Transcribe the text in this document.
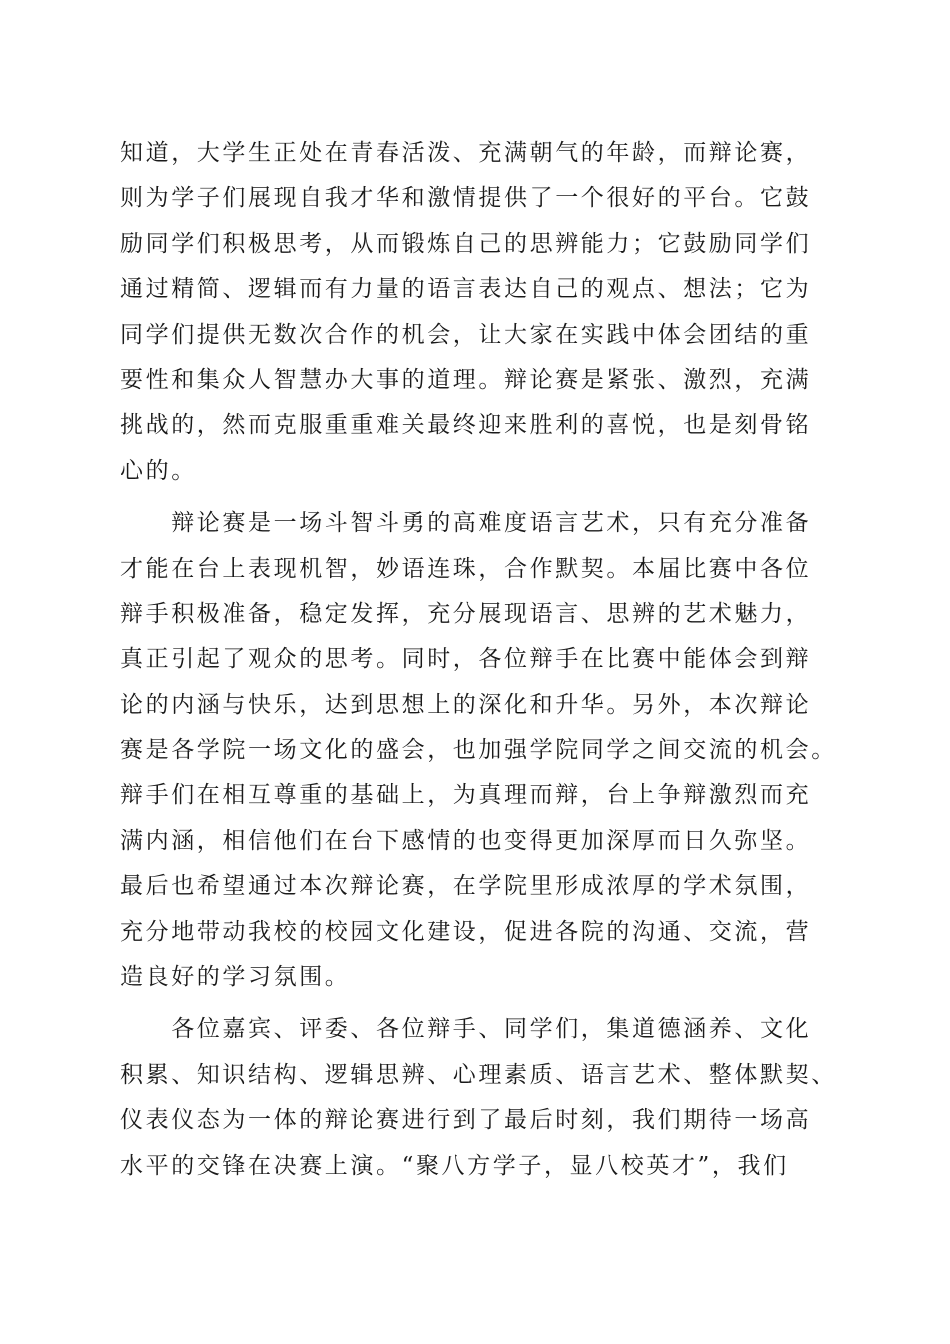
知道，大学生正处在青春活泼、充满朝气的年龄，而辩论赛，
则为学子们展现自我才华和激情提供了一个很好的平台。它鼓
励同学们积极思考，从而锻炼自己的思辨能力；它鼓励同学们
通过精简、逻辑而有力量的语言表达自己的观点、想法；它为
同学们提供无数次合作的机会，让大家在实践中体会团结的重
要性和集众人智慧办大事的道理。辩论赛是紧张、激烈，充满
挑战的，然而克服重重难关最终迎来胜利的喜悦，也是刻骨铭
心的。
　　辩论赛是一场斗智斗勇的高难度语言艺术，只有充分准备
才能在台上表现机智，妙语连珠，合作默契。本届比赛中各位
辩手积极准备，稳定发挥，充分展现语言、思辨的艺术魅力，
真正引起了观众的思考。同时，各位辩手在比赛中能体会到辩
论的内涵与快乐，达到思想上的深化和升华。另外，本次辩论
赛是各学院一场文化的盛会，也加强学院同学之间交流的机会。
辩手们在相互尊重的基础上，为真理而辩，台上争辩激烈而充
满内涵，相信他们在台下感情的也变得更加深厚而日久弥坚。
最后也希望通过本次辩论赛，在学院里形成浓厚的学术氛围，
充分地带动我校的校园文化建设，促进各院的沟通、交流，营
造良好的学习氛围。
　　各位嘉宾、评委、各位辩手、同学们，集道德涵养、文化
积累、知识结构、逻辑思辨、心理素质、语言艺术、整体默契、
仪表仪态为一体的辩论赛进行到了最后时刻，我们期待一场高
水平的交锋在决赛上演。“聚八方学子，显八校英才”，我们
